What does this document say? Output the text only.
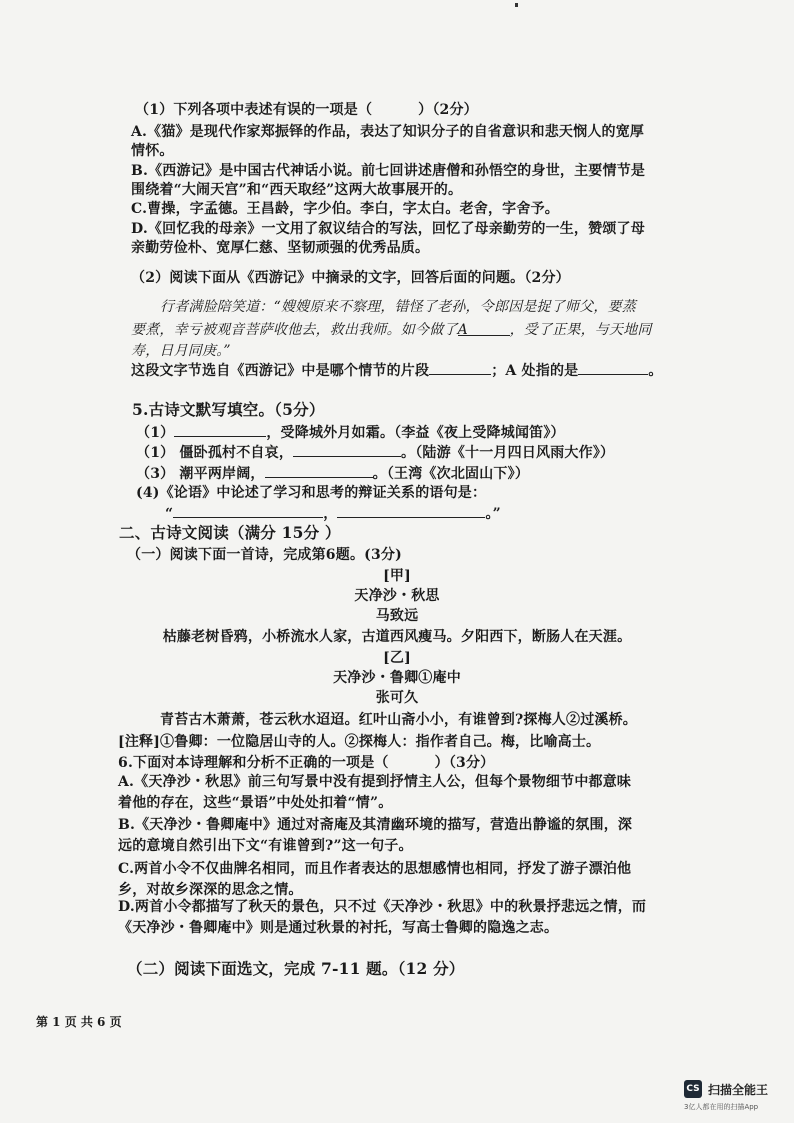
（1）下列各项中表述有误的一项是（	）（2分）
A.《猫》是现代作家郑振铎的作品，表达了知识分子的自省意识和悲天悯人的宽厚
情怀。
B.《西游记》是中国古代神话小说。前七回讲述唐僧和孙悟空的身世，主要情节是
围绕着“大闹天宫”和“西天取经”这两大故事展开的。
C.曹操，字孟德。王昌龄，字少伯。李白，字太白。老舍，字舍予。
D.《回忆我的母亲》一文用了叙议结合的写法，回忆了母亲勤劳的一生，赞颂了母
亲勤劳俭朴、宽厚仁慈、坚韧顽强的优秀品质。
（2）阅读下面从《西游记》中摘录的文字，回答后面的问题。（2分）
行者满脸陪笑道：“嫂嫂原来不察理，错怪了老孙，令郎因是捉了师父，要蒸
要煮，幸亏被观音菩萨收他去，救出我师。如今做了A	，受了正果，与天地同
寿，日月同庚。”
这段文字节选自《西游记》中是哪个情节的片段	；A 处指的是	。
5.古诗文默写填空。（5分）
（1）	，受降城外月如霜。（李益《夜上受降城闻笛》）
（1） 僵卧孤村不自哀，	。（陆游《十一月四日风雨大作》）
（3） 潮平两岸阔，	。（王湾《次北固山下》）
(4)《论语》中论述了学习和思考的辩证关系的语句是：
“	，	。”
二、古诗文阅读（满分 15分 ）
（一）阅读下面一首诗，完成第6题。(3分)
[甲]
天净沙・秋思
马致远
枯藤老树昏鸦，小桥流水人家，古道西风瘦马。夕阳西下，断肠人在天涯。
[乙]
天净沙・鲁卿①庵中
张可久
青苔古木萧萧，苍云秋水迢迢。红叶山斋小小，有谁曾到?探梅人②过溪桥。
[注释]①鲁卿：一位隐居山寺的人。②探梅人：指作者自己。梅，比喻高士。
6.下面对本诗理解和分析不正确的一项是（	）（3分）
A.《天净沙・秋思》前三句写景中没有提到抒情主人公，但每个景物细节中都意味
着他的存在，这些“景语”中处处扣着“情”。
B.《天净沙・鲁卿庵中》通过对斋庵及其清幽环境的描写，营造出静谧的氛围，深
远的意境自然引出下文“有谁曾到?”这一句子。
C.两首小令不仅曲牌名相同，而且作者表达的思想感情也相同，抒发了游子漂泊他
乡，对故乡深深的思念之情。
D.两首小令都描写了秋天的景色，只不过《天净沙・秋思》中的秋景抒悲远之情，而
《天净沙・鲁卿庵中》则是通过秋景的衬托，写高士鲁卿的隐逸之志。
（二）阅读下面选文，完成 7-11 题。（12 分）
第 1 页 共 6 页
CS 扫描全能王
3亿人都在用的扫描App
